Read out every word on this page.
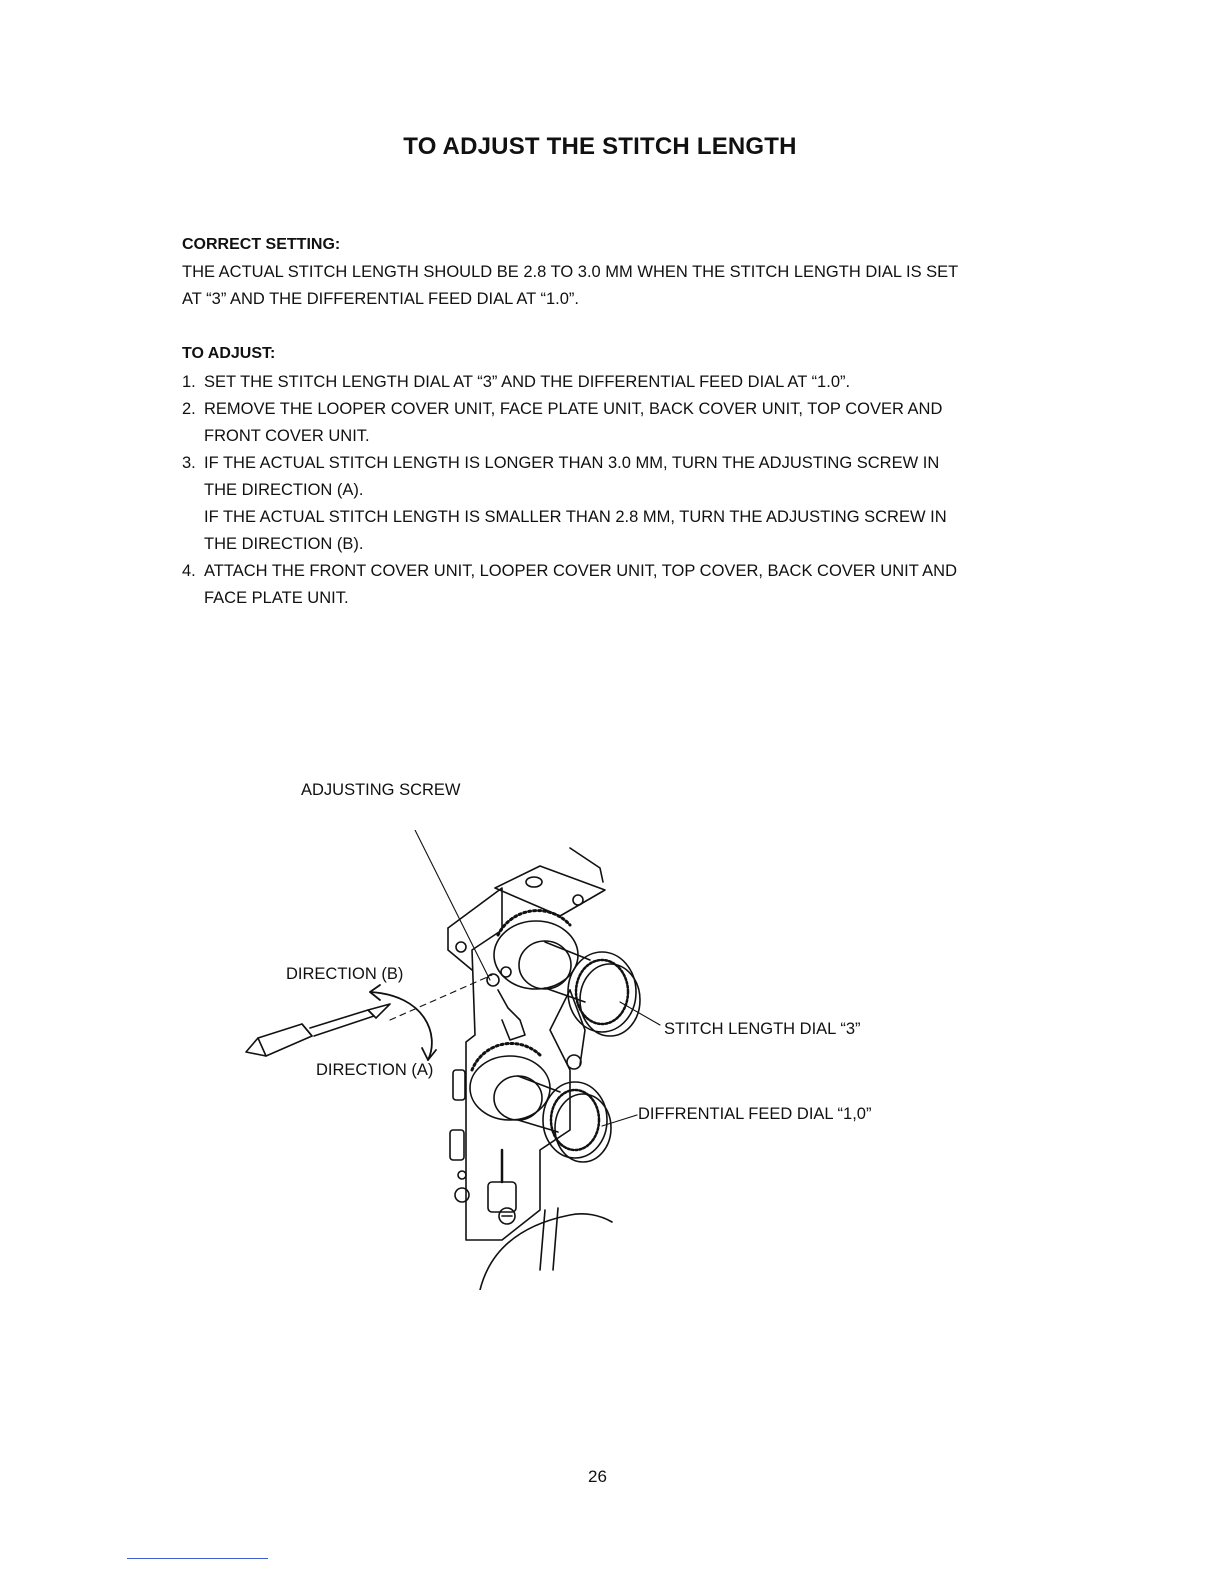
TO ADJUST THE STITCH LENGTH
CORRECT SETTING:
THE ACTUAL STITCH LENGTH SHOULD BE 2.8 TO 3.0 MM WHEN THE STITCH LENGTH DIAL IS SET
AT “3” AND THE DIFFERENTIAL FEED DIAL AT “1.0”.
TO ADJUST:
1. SET THE STITCH LENGTH DIAL AT “3” AND THE DIFFERENTIAL FEED DIAL AT “1.0”.
2. REMOVE THE LOOPER COVER UNIT, FACE PLATE UNIT, BACK COVER UNIT, TOP COVER AND
FRONT COVER UNIT.
3. IF THE ACTUAL STITCH LENGTH IS LONGER THAN 3.0 MM, TURN THE ADJUSTING SCREW IN
THE DIRECTION (A).
IF THE ACTUAL STITCH LENGTH IS SMALLER THAN 2.8 MM, TURN THE ADJUSTING SCREW IN
THE DIRECTION (B).
4. ATTACH THE FRONT COVER UNIT, LOOPER COVER UNIT, TOP COVER, BACK COVER UNIT AND
FACE PLATE UNIT.
ADJUSTING SCREW
DIRECTION (B)
DIRECTION (A)
STITCH LENGTH DIAL “3”
DIFFRENTIAL FEED DIAL “1,0”
26
